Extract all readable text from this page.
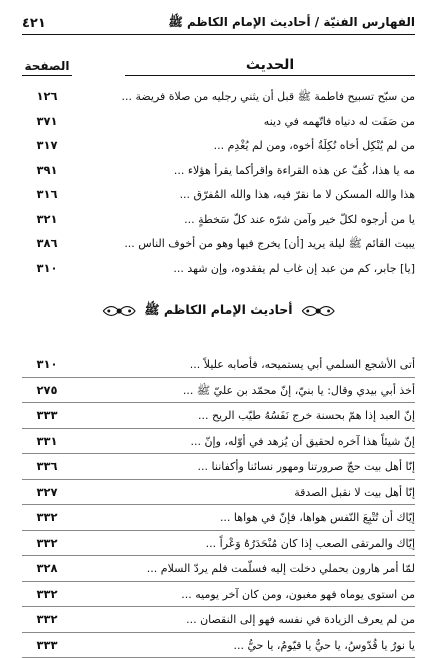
الفهارس الفنيّة / أحاديث الإمام الكاظم ﷺ
٤٢١
الحديث
الصفحة
من سبّح تسبيح فاطمة ﷺ قبل أن يثني رجليه من صلاة فريضة ...
١٢٦
من صَفَت له دنياه فاتّهمه في دينه
٣٧١
من لم يُنْكِل أخاه نُكِلَةُ أخوه، ومن لم يُغْدِم ...
٣١٧
مه يا هذا، كُفّ عن هذه القراءة واقرأكما يقرأ هؤلاء ...
٣٩١
هذا والله المسكن لا ما نقرّ فيه، هذا والله المُفرّق ...
٣١٦
يا من أرجوه لكلّ خير وآمن شرّه عند كلّ سَخطةٍ ...
٣٢١
يبيت القائم ﷺ ليلة يريد [أن] يخرج فيها وهو من أخوف الناس ...
٣٨٦
[يا] جابر، كم من عبد إن غاب لم يفقدوه، وإن شهد ...
٣١٠
أحاديث الإمام الكاظم ﷺ
أتى الأشجع السلمي أبي يستميحه، فأصابه عليلاً ...
٣١٠
أخذ أبي بيدي وقال: يا بنيّ، إنّ محمّد بن عليّ ﷺ ...
٢٧٥
إنّ العبد إذا همّ بحسنة خرج نَفَسُهُ طيّب الريح ...
٣٣٣
إنّ شيئاً هذا آخره لحقيق أن يُزهد في أوّله، وإنّ ...
٣٣١
إنّا أهل بيت حجّ صرورتنا ومهور نسائنا وأكفاننا ...
٣٣٦
إنّا أهل بيت لا نقبل الصدقة
٣٢٧
إيّاك أن تُتْبِعَ النّفس هواها، فإنّ في هواها ...
٣٣٢
إيّاك والمرتقى الصعب إذا كان مُنْحَدَرُهُ وَعْراً ...
٣٣٢
لمّا أمر هارون بحملي دخلت إليه فسلّمت فلم يردّ السلام ...
٣٢٨
من استوى يوماه فهو مغبون، ومن كان آخر يوميه ...
٣٣٢
من لم يعرف الزيادة في نفسه فهو إلى النقصان ...
٣٣٢
يا نورُ يا قُدّوسُ، يا حيُّ يا قيّومُ، يا حيُّ ...
٣٣٣
